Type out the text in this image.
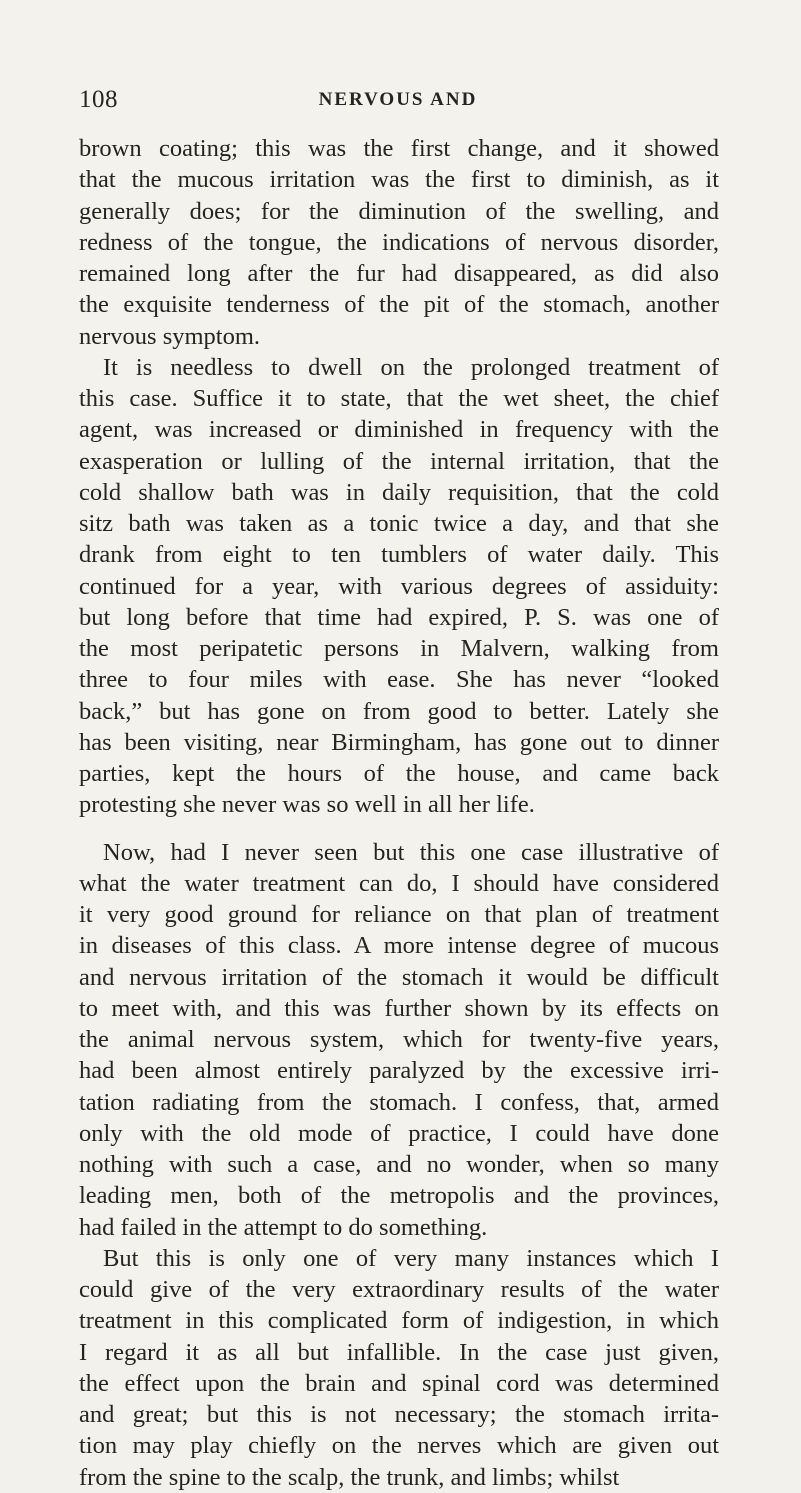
108	NERVOUS AND
brown coating; this was the first change, and it showed
that the mucous irritation was the first to diminish, as it
generally does; for the diminution of the swelling, and
redness of the tongue, the indications of nervous disorder,
remained long after the fur had disappeared, as did also
the exquisite tenderness of the pit of the stomach, another
nervous symptom.
It is needless to dwell on the prolonged treatment of
this case. Suffice it to state, that the wet sheet, the chief
agent, was increased or diminished in frequency with the
exasperation or lulling of the internal irritation, that the
cold shallow bath was in daily requisition, that the cold
sitz bath was taken as a tonic twice a day, and that she
drank from eight to ten tumblers of water daily. This
continued for a year, with various degrees of assiduity:
but long before that time had expired, P. S. was one of
the most peripatetic persons in Malvern, walking from
three to four miles with ease. She has never “looked
back,” but has gone on from good to better. Lately she
has been visiting, near Birmingham, has gone out to dinner
parties, kept the hours of the house, and came back
protesting she never was so well in all her life.
Now, had I never seen but this one case illustrative of
what the water treatment can do, I should have considered
it very good ground for reliance on that plan of treatment
in diseases of this class. A more intense degree of mucous
and nervous irritation of the stomach it would be difficult
to meet with, and this was further shown by its effects on
the animal nervous system, which for twenty-five years,
had been almost entirely paralyzed by the excessive irri-
tation radiating from the stomach. I confess, that, armed
only with the old mode of practice, I could have done
nothing with such a case, and no wonder, when so many
leading men, both of the metropolis and the provinces,
had failed in the attempt to do something.
But this is only one of very many instances which I
could give of the very extraordinary results of the water
treatment in this complicated form of indigestion, in which
I regard it as all but infallible. In the case just given,
the effect upon the brain and spinal cord was determined
and great; but this is not necessary; the stomach irrita-
tion may play chiefly on the nerves which are given out
from the spine to the scalp, the trunk, and limbs; whilst
